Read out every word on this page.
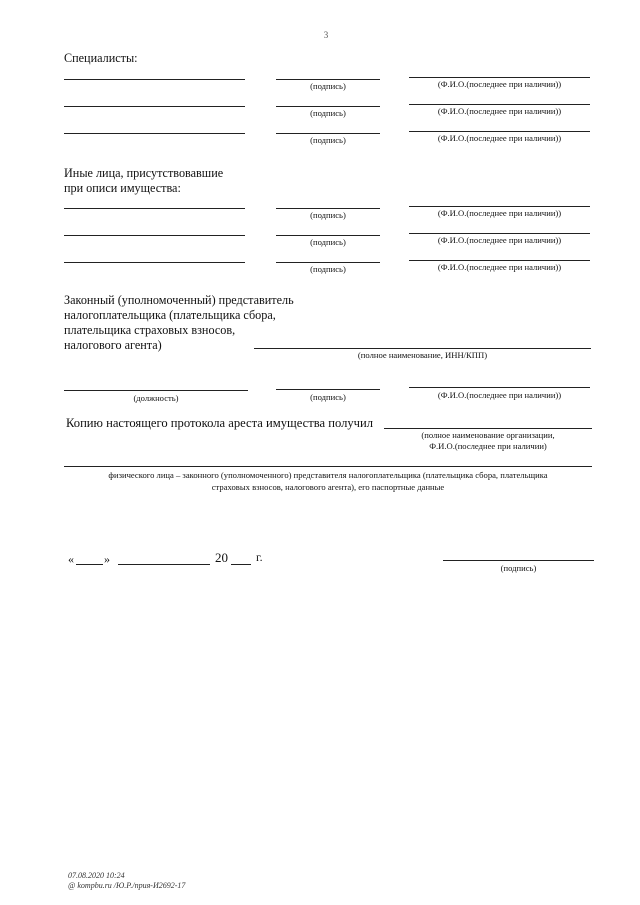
3
Специалисты:
(подпись)	(Ф.И.О.(последнее при наличии))
(подпись)	(Ф.И.О.(последнее при наличии))
(подпись)	(Ф.И.О.(последнее при наличии))
Иные лица, присутствовавшие
при описи имущества:
(подпись)	(Ф.И.О.(последнее при наличии))
(подпись)	(Ф.И.О.(последнее при наличии))
(подпись)	(Ф.И.О.(последнее при наличии))
Законный (уполномоченный) представитель
налогоплательщика (плательщика сбора,
плательщика страховых взносов,
налогового агента)
(полное наименование, ИНН/КПП)
(должность)	(подпись)	(Ф.И.О.(последнее при наличии))
Копию настоящего протокола ареста имущества получил
(полное наименование организации,
Ф.И.О.(последнее при наличии)
физического лица – законного (уполномоченного) представителя налогоплательщика (плательщика сбора, плательщика
страховых взносов, налогового агента), его паспортные данные
«	»	20 г.
(подпись)
07.08.2020 10:24
@ kompbu.ru /Ю.Р./прия-И2692-17
